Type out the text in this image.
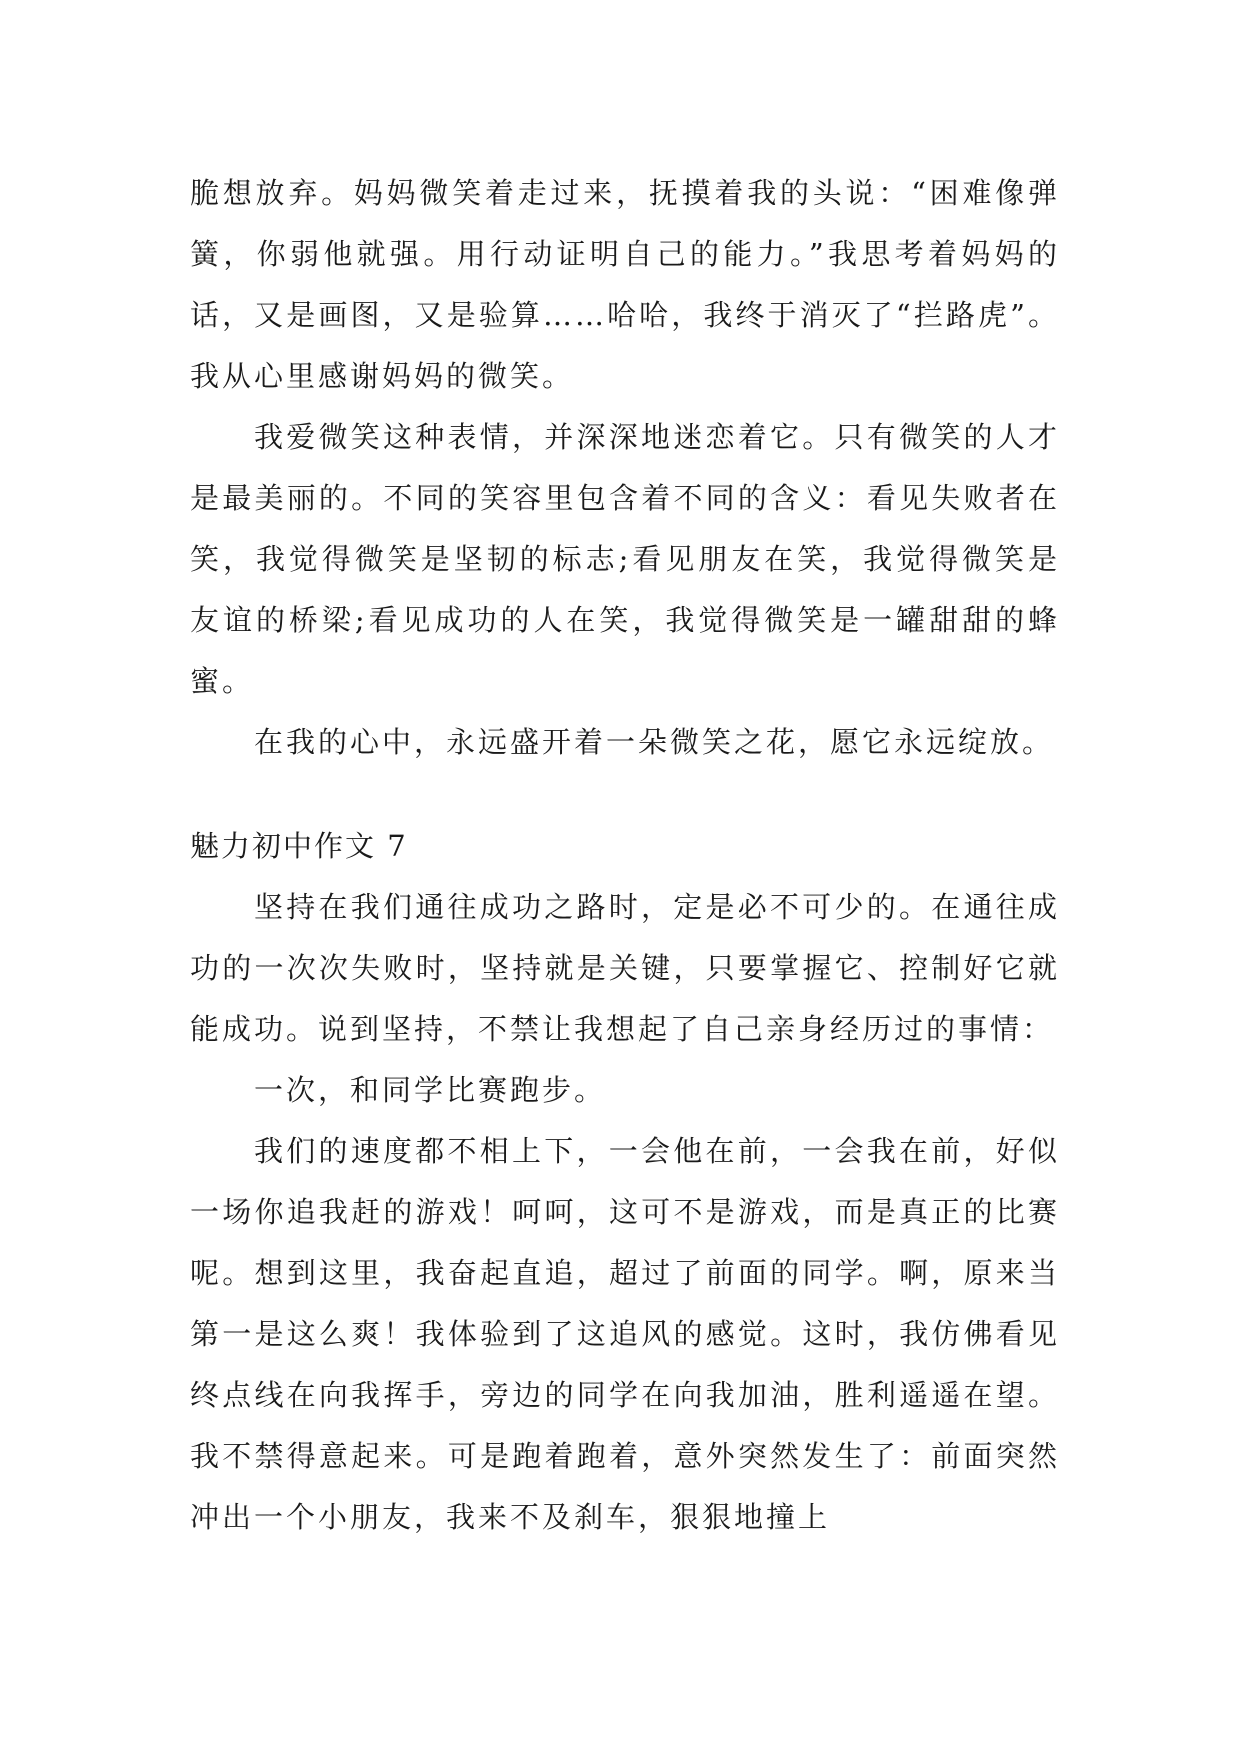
脆想放弃。妈妈微笑着走过来，抚摸着我的头说：“困难像弹簧，你弱他就强。用行动证明自己的能力。”我思考着妈妈的话，又是画图，又是验算……哈哈，我终于消灭了“拦路虎”。我从心里感谢妈妈的微笑。

我爱微笑这种表情，并深深地迷恋着它。只有微笑的人才是最美丽的。不同的笑容里包含着不同的含义：看见失败者在笑，我觉得微笑是坚韧的标志;看见朋友在笑，我觉得微笑是友谊的桥梁;看见成功的人在笑，我觉得微笑是一罐甜甜的蜂蜜。

在我的心中，永远盛开着一朵微笑之花，愿它永远绽放。

魅力初中作文 7

坚持在我们通往成功之路时，定是必不可少的。在通往成功的一次次失败时，坚持就是关键，只要掌握它、控制好它就能成功。说到坚持，不禁让我想起了自己亲身经历过的事情：

一次，和同学比赛跑步。

我们的速度都不相上下，一会他在前，一会我在前，好似一场你追我赶的游戏！呵呵，这可不是游戏，而是真正的比赛呢。想到这里，我奋起直追，超过了前面的同学。啊，原来当第一是这么爽！我体验到了这追风的感觉。这时，我仿佛看见终点线在向我挥手，旁边的同学在向我加油，胜利遥遥在望。我不禁得意起来。可是跑着跑着，意外突然发生了：前面突然冲出一个小朋友，我来不及刹车，狠狠地撞上
